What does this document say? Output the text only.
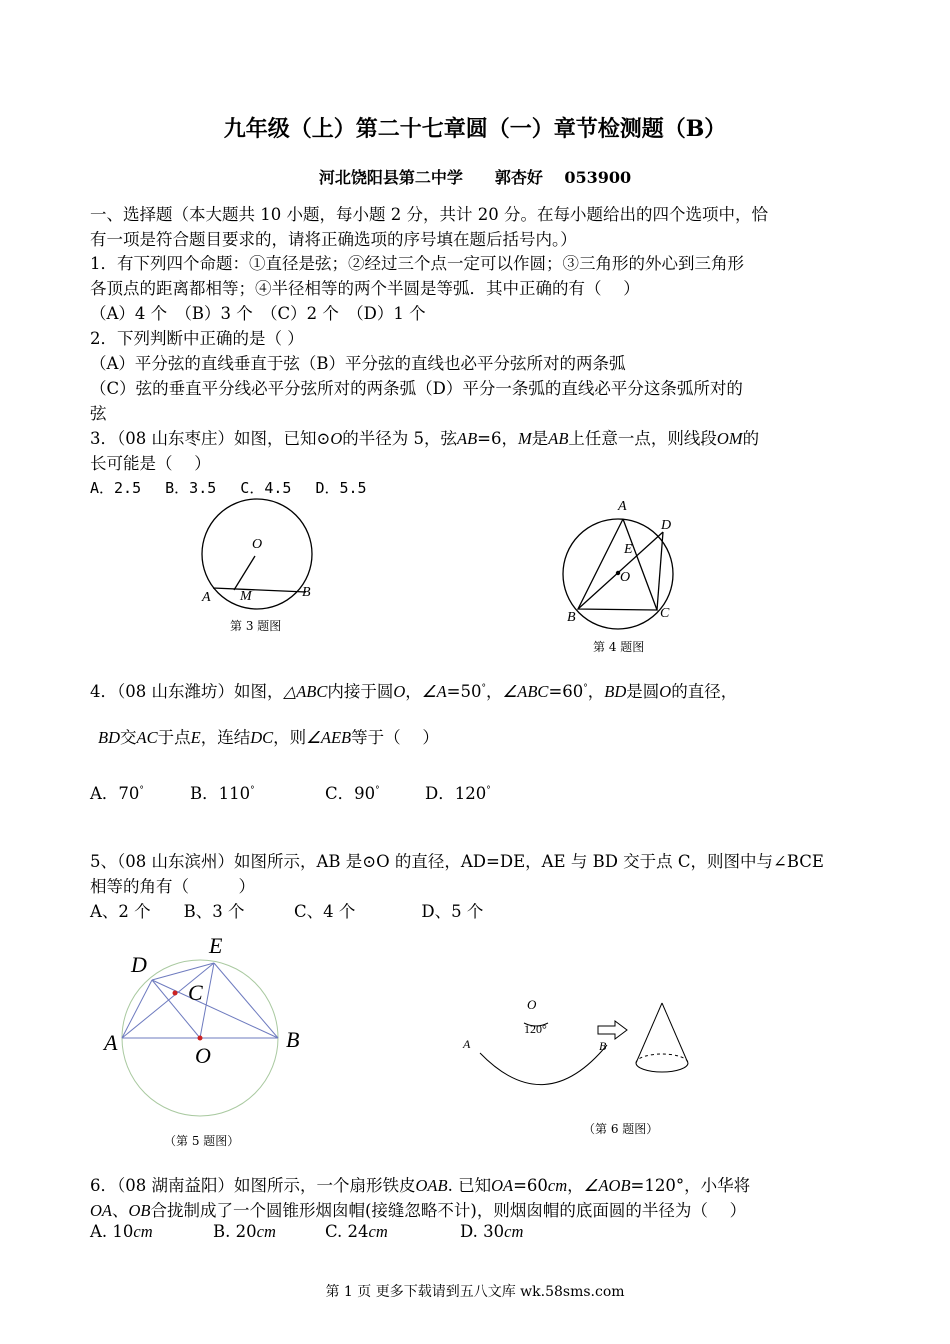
九年级（上）第二十七章圆（一）章节检测题（B）
河北饶阳县第二中学　　郭杏好　 053900
一、选择题（本大题共 10 小题，每小题 2 分，共计 20 分。在每小题给出的四个选项中，恰
有一项是符合题目要求的，请将正确选项的序号填在题后括号内。）
1．有下列四个命题：①直径是弦；②经过三个点一定可以作圆；③三角形的外心到三角形
各顶点的距离都相等；④半径相等的两个半圆是等弧．其中正确的有（　 ）
（A）4 个　（B）3 个　（C）2 个　（D）1 个
2．下列判断中正确的是（ ）
（A）平分弦的直线垂直于弦（B）平分弦的直线也必平分弦所对的两条弧
（C）弦的垂直平分线必平分弦所对的两条弧（D）平分一条弧的直线必平分这条弧所对的
弦
3．（08 山东枣庄）如图，已知⊙O的半径为 5，弦AB=6，M是AB上任意一点，则线段OM的
长可能是（　 ）
A．2.5　 B．3.5　 C．4.5　 D．5.5
O
A M	B
第 3 题图
A
D
E
O
B	C
第 4 题图
4．（08 山东潍坊）如图，△ABC内接于圆O，∠A=50°，∠ABC=60°，BD是圆O的直径，
BD交AC于点E，连结DC，则∠AEB等于（　 ）
A．70°	B．110°	C．90°	D．120°
5、（08 山东滨州）如图所示，AB 是⊙O 的直径，AD=DE，AE 与 BD 交于点 C，则图中与∠BCE
相等的角有（　　　）
A、2 个　　B、3 个　　　C、4 个　　　　D、5 个
D
E
C
A
O
B
（第 5 题图）
O
120°
A	B
（第 6 题图）
6．（08 湖南益阳）如图所示，一个扇形铁皮OAB. 已知OA=60cm，∠AOB=120°，小华将
OA、OB合拢制成了一个圆锥形烟囱帽(接缝忽略不计)，则烟囱帽的底面圆的半径为（　 ）
A. 10cm	B. 20cm	C. 24cm	D. 30cm
第 1 页 更多下载请到五八文库 wk.58sms.com
